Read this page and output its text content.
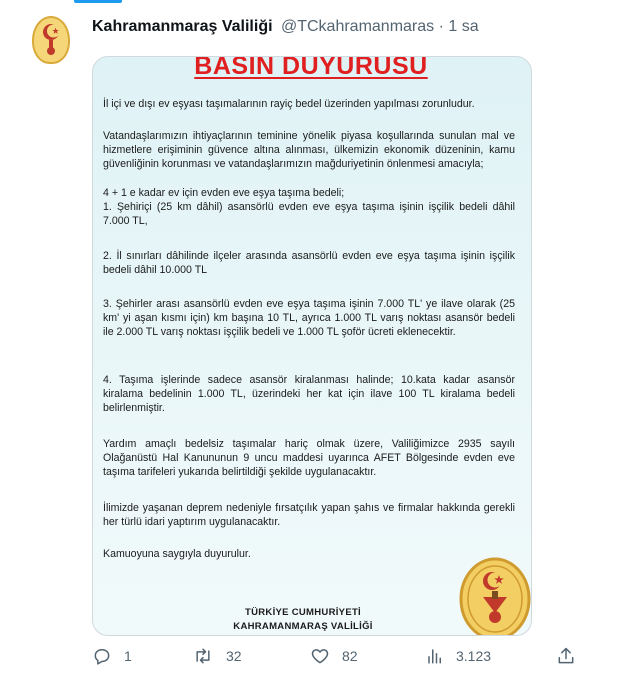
Kahramanmaraş Valiliği @TCkahramanmaras · 1 sa
BASIN DUYURUSU

İl içi ve dışı ev eşyası taşımalarının rayiç bedel üzerinden yapılması zorunludur.

Vatandaşlarımızın ihtiyaçlarının teminine yönelik piyasa koşullarında sunulan mal ve hizmetlere erişiminin güvence altına alınması, ülkemizin ekonomik düzeninin, kamu güvenliğinin korunması ve vatandaşlarımızın mağduriyetinin önlenmesi amacıyla;

4 + 1 e kadar ev için evden eve eşya taşıma bedeli;

1. Şehiriçi (25 km dâhil) asansörlü evden eve eşya taşıma işinin işçilik bedeli dâhil 7.000 TL,

2. İl sınırları dâhilinde ilçeler arasında asansörlü evden eve eşya taşıma işinin işçilik bedeli dâhil 10.000 TL

3. Şehirler arası asansörlü evden eve eşya taşıma işinin 7.000 TL' ye ilave olarak (25 km' yi aşan kısmı için) km başına 10 TL, ayrıca 1.000 TL varış noktası asansör bedeli ile 2.000 TL varış noktası işçilik bedeli ve 1.000 TL şoför ücreti eklenecektir.

4. Taşıma işlerinde sadece asansör kiralanması halinde; 10.kata kadar asansör kiralama bedelinin 1.000 TL, üzerindeki her kat için ilave 100 TL kiralama bedeli belirlenmiştir.

Yardım amaçlı bedelsiz taşımalar hariç olmak üzere, Valiliğimizce 2935 sayılı Olağanüstü Hal Kanununun 9 uncu maddesi uyarınca AFET Bölgesinde evden eve taşıma tarifeleri yukarıda belirtildiği şekilde uygulanacaktır.

İlimizde yaşanan deprem nedeniyle fırsatçılık yapan şahıs ve firmalar hakkında gerekli her türlü idari yaptırım uygulanacaktır.

Kamuoyuna saygıyla duyurulur.

TÜRKİYE CUMHURİYETİ
KAHRAMANMARAŞ VALİLİĞİ
1	32	82	3.123
